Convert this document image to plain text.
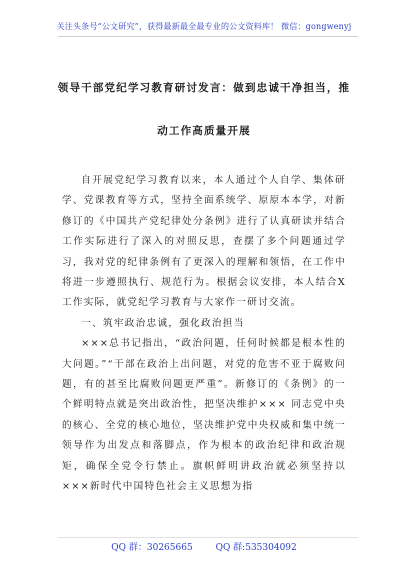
关注头条号“公文研究”，获得最新最全最专业的公文资料库！ 微信：gongwenyj
领导干部党纪学习教育研讨发言：做到忠诚干净担当，推
动工作高质量开展

自开展党纪学习教育以来，本人通过个人自学、集体研学、党课教育等方式，坚持全面系统学、原原本本学，对新修订的《中国共产党纪律处分条例》进行了认真研读并结合工作实际进行了深入的对照反思，查摆了多个问题通过学习，我对党的纪律条例有了更深入的理解和领悟，在工作中将进一步遵照执行、规范行为。根据会议安排，本人结合X工作实际，就党纪学习教育与大家作一研讨交流。

一、筑牢政治忠诚，强化政治担当

×××总书记指出，“政治问题，任何时候都是根本性的大问题。”“干部在政治上出问题，对党的危害不亚于腐败问题，有的甚至比腐败问题更严重”。新修订的《条例》的一个鲜明特点就是突出政治性，把坚决维护××× 同志党中央的核心、全党的核心地位，坚决维护党中央权威和集中统一领导作为出发点和落脚点，作为根本的政治纪律和政治规矩，确保全党令行禁止。旗帜鲜明讲政治就必须坚持以×××新时代中国特色社会主义思想为指

QQ 群：30265665	QQ 群:535304092
